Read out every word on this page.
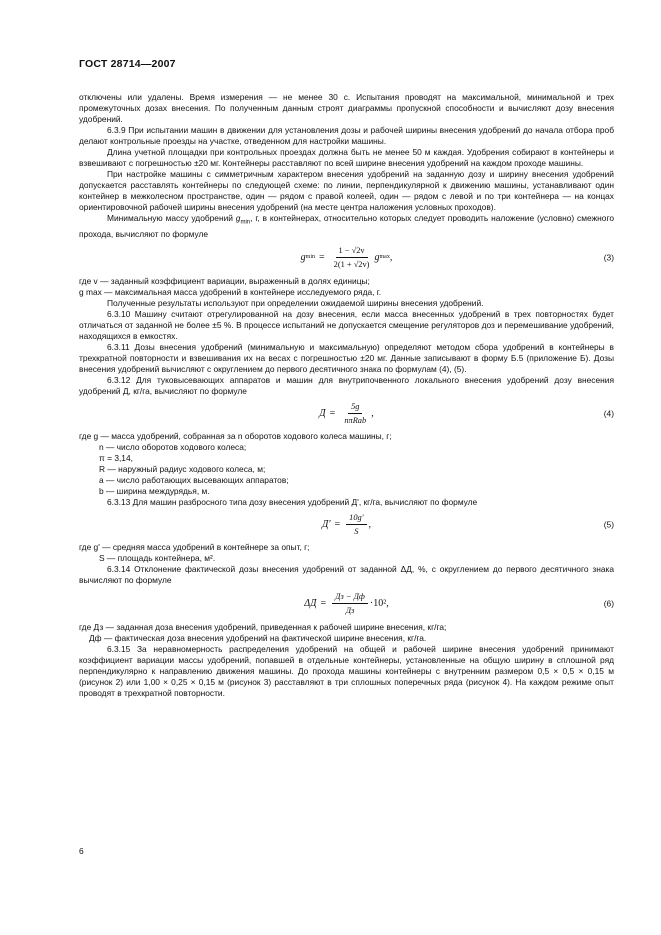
ГОСТ 28714—2007

отключены или удалены. Время измерения — не менее 30 с. Испытания проводят на максимальной, минимальной и трех промежуточных дозах внесения. По полученным данным строят диаграммы пропускной способности и вычисляют дозу внесения удобрений.

6.3.9 При испытании машин в движении для установления дозы и рабочей ширины внесения удобрений до начала отбора проб делают контрольные проезды на участке, отведенном для настройки машины.

Длина учетной площадки при контрольных проездах должна быть не менее 50 м каждая. Удобрения собирают в контейнеры и взвешивают с погрешностью ±20 мг. Контейнеры расставляют по всей ширине внесения удобрений на каждом проходе машины.

При настройке машины с симметричным характером внесения удобрений на заданную дозу и ширину внесения удобрений допускается расставлять контейнеры по следующей схеме: по линии, перпендикулярной к движению машины, устанавливают один контейнер в межколесном пространстве, один — рядом с правой колеей, один — рядом с левой и по три контейнера — на концах ориентировочной рабочей ширины внесения удобрений (на месте центра наложения условных проходов).

Минимальную массу удобрений $g_{min}$, г, в контейнерах, относительно которых следует проводить наложение (условно) смежного прохода, вычисляют по формуле

g $\min = \frac{1 - √2v}{2(1 + √2v)}$ g max ,	(3)
где v — заданный коэффициент вариации, выраженный в долях единицы;
g max — максимальная масса удобрений в контейнере исследуемого ряда, г.

Полученные результаты используют при определении ожидаемой ширины внесения удобрений.

6.3.10 Машину считают отрегулированной на дозу внесения, если масса внесенных удобрений в трех повторностях будет отличаться от заданной не более ±5 %. В процессе испытаний не допускается смещение регуляторов доз и перемешивание удобрений, находящихся в емкостях.

6.3.11 Дозы внесения удобрений (минимальную и максимальную) определяют методом сбора удобрений в контейнеры в трехкратной повторности и взвешивания их на весах с погрешностью ±20 мг. Данные записывают в форму Б.5 (приложение Б). Дозы внесения удобрений вычисляют с округлением до первого десятичного знака по формулам (4), (5).

6.3.12 Для туковысевающих аппаратов и машин для внутрипочвенного локального внесения удобрений дозу внесения удобрений Д, кг/га, вычисляют по формуле

$Д = \frac{5g}{\text{nπRab}}$ ,	(4)
где g — масса удобрений, собранная за n оборотов ходового колеса машины, г;
n — число оборотов ходового колеса;
π = 3,14,
R — наружный радиус ходового колеса, м;
a — число работающих высевающих аппаратов;
b — ширина междурядья, м.

6.3.13 Для машин разбросного типа дозу внесения удобрений Д', кг/га, вычисляют по формуле

$Д' = \frac{10g'}{S}$ ,	(5)
где g' — средняя масса удобрений в контейнере за опыт, г;
S — площадь контейнера, м².

6.3.14 Отклонение фактической дозы внесения удобрений от заданной ΔД, %, с округлением до первого десятичного знака вычисляют по формуле

$\Delta Д = \frac{Дз - Дф}{Дз} \cdot 10^2$,	(6)
где Дз — заданная доза внесения удобрений, приведенная к рабочей ширине внесения, кг/га;
Дф — фактическая доза внесения удобрений на фактической ширине внесения, кг/га.

6.3.15 За неравномерность распределения удобрений на общей и рабочей ширине внесения удобрений принимают коэффициент вариации массы удобрений, попавшей в отдельные контейнеры, установленные на общую ширину в сплошной ряд перпендикулярно к направлению движения машины. До прохода машины контейнеры с внутренним размером 0,5 × 0,5 × 0,15 м (рисунок 2) или 1,00 × 0,25 × 0,15 м (рисунок 3) расставляют в три сплошных поперечных ряда (рисунок 4). На каждом режиме опыт проводят в трехкратной повторности.

6
